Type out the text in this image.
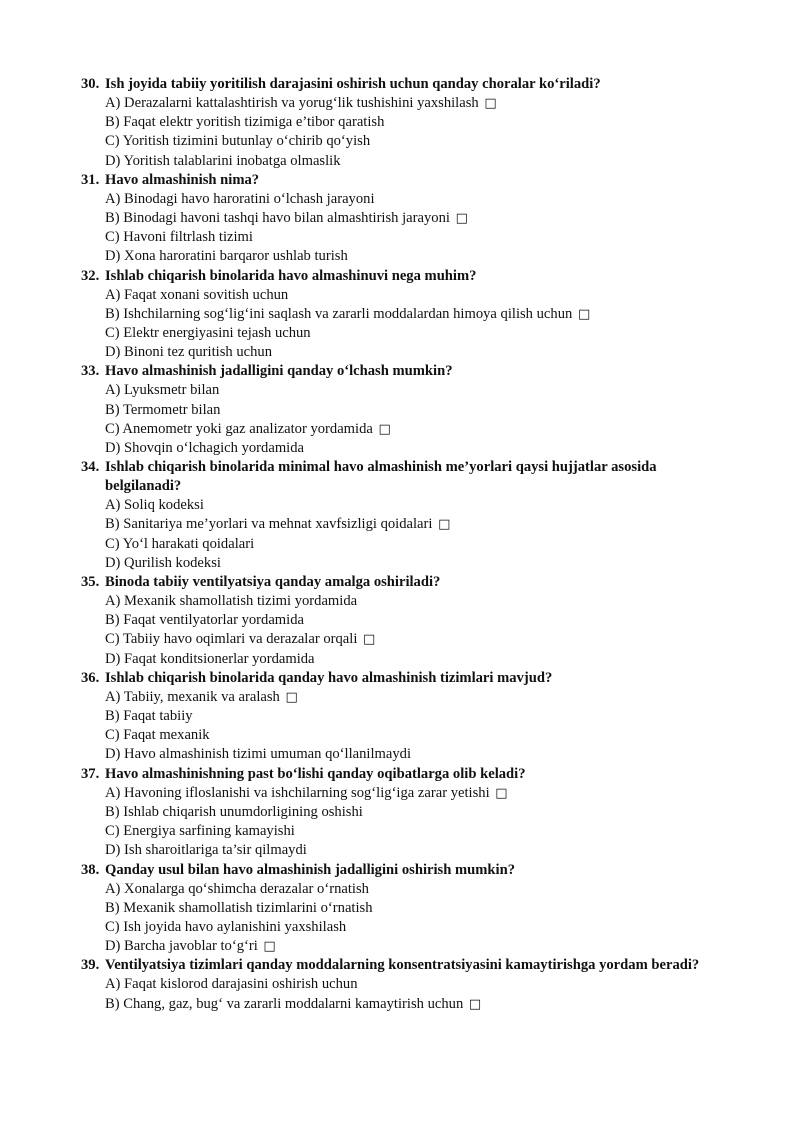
30. Ish joyida tabiiy yoritilish darajasini oshirish uchun qanday choralar ko‘riladi?
A) Derazalarni kattalashtirish va yorug‘lik tushishini yaxshilash □
B) Faqat elektr yoritish tizimiga e’tibor qaratish
C) Yoritish tizimini butunlay o‘chirib qo‘yish
D) Yoritish talablarini inobatga olmaslik
31. Havo almashinish nima?
A) Binodagi havo haroratini o‘lchash jarayoni
B) Binodagi havoni tashqi havo bilan almashtirish jarayoni □
C) Havoni filtrlash tizimi
D) Xona haroratini barqaror ushlab turish
32. Ishlab chiqarish binolarida havo almashinuvi nega muhim?
A) Faqat xonani sovitish uchun
B) Ishchilarning sog‘lig‘ini saqlash va zararli moddalardan himoya qilish uchun □
C) Elektr energiyasini tejash uchun
D) Binoni tez quritish uchun
33. Havo almashinish jadalligini qanday o‘lchash mumkin?
A) Lyuksmetr bilan
B) Termometr bilan
C) Anemometr yoki gaz analizator yordamida □
D) Shovqin o‘lchagich yordamida
34. Ishlab chiqarish binolarida minimal havo almashinish me’yorlari qaysi hujjatlar asosida belgilanadi?
A) Soliq kodeksi
B) Sanitariya me’yorlari va mehnat xavfsizligi qoidalari □
C) Yo‘l harakati qoidalari
D) Qurilish kodeksi
35. Binoda tabiiy ventilyatsiya qanday amalga oshiriladi?
A) Mexanik shamollatish tizimi yordamida
B) Faqat ventilyatorlar yordamida
C) Tabiiy havo oqimlari va derazalar orqali □
D) Faqat konditsionerlar yordamida
36. Ishlab chiqarish binolarida qanday havo almashinish tizimlari mavjud?
A) Tabiiy, mexanik va aralash □
B) Faqat tabiiy
C) Faqat mexanik
D) Havo almashinish tizimi umuman qo‘llanilmaydi
37. Havo almashinishning past bo‘lishi qanday oqibatlarga olib keladi?
A) Havoning ifloslanishi va ishchilarning sog‘lig‘iga zarar yetishi □
B) Ishlab chiqarish unumdorligining oshishi
C) Energiya sarfining kamayishi
D) Ish sharoitlariga ta’sir qilmaydi
38. Qanday usul bilan havo almashinish jadalligini oshirish mumkin?
A) Xonalarga qo‘shimcha derazalar o‘rnatish
B) Mexanik shamollatish tizimlarini o‘rnatish
C) Ish joyida havo aylanishini yaxshilash
D) Barcha javoblar to‘g‘ri □
39. Ventilyatsiya tizimlari qanday moddalarning konsentratsiyasini kamaytirishga yordam beradi?
A) Faqat kislorod darajasini oshirish uchun
B) Chang, gaz, bug‘ va zararli moddalarni kamaytirish uchun □
